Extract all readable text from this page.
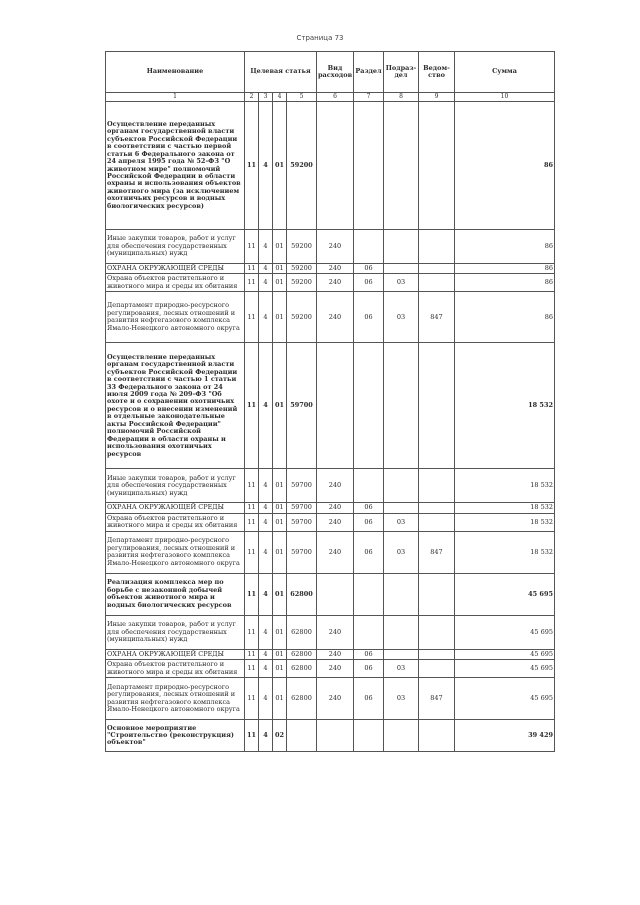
Страница 73
Наименование	Целевая статья				Вид расходов	Раздел	Подраз-дел	Ведом-ство	Сумма
1	2	3	4	5	6	7	8	9	10
Осуществление переданных органам государственной власти субъектов Российской Федерации в соответствии с частью первой статьи 6 Федерального закона от 24 апреля 1995 года № 52-ФЗ "О животном мире" полномочий Российской Федерации в области охраны и использования объектов животного мира (за исключением охотничьих ресурсов и водных биологических ресурсов)	11	4	01	59200					86
Иные закупки товаров, работ и услуг для обеспечения государственных (муниципальных) нужд	11	4	01	59200	240				86
ОХРАНА ОКРУЖАЮЩЕЙ СРЕДЫ	11	4	01	59200	240	06			86
Охрана объектов растительного и животного мира и среды их обитания	11	4	01	59200	240	06	03		86
Департамент природно-ресурсного регулирования, лесных отношений и развития нефтегазового комплекса Ямало-Ненецкого автономного округа	11	4	01	59200	240	06	03	847	86
Осуществление переданных органам государственной власти субъектов Российской Федерации в соответствии с частью 1 статьи 33 Федерального закона от 24 июля 2009 года № 209-ФЗ "Об охоте и о сохранении охотничьих ресурсов и о внесении изменений в отдельные законодательные акты Российской Федерации" полномочий Российской Федерации в области охраны и использования охотничьих ресурсов	11	4	01	59700					18 532
Иные закупки товаров, работ и услуг для обеспечения государственных (муниципальных) нужд	11	4	01	59700	240				18 532
ОХРАНА ОКРУЖАЮЩЕЙ СРЕДЫ	11	4	01	59700	240	06			18 532
Охрана объектов растительного и животного мира и среды их обитания	11	4	01	59700	240	06	03		18 532
Департамент природно-ресурсного регулирования, лесных отношений и развития нефтегазового комплекса Ямало-Ненецкого автономного округа	11	4	01	59700	240	06	03	847	18 532
Реализация комплекса мер по борьбе с незаконной добычей объектов животного мира и водных биологических ресурсов	11	4	01	62800					45 695
Иные закупки товаров, работ и услуг для обеспечения государственных (муниципальных) нужд	11	4	01	62800	240				45 695
ОХРАНА ОКРУЖАЮЩЕЙ СРЕДЫ	11	4	01	62800	240	06			45 695
Охрана объектов растительного и животного мира и среды их обитания	11	4	01	62800	240	06	03		45 695
Департамент природно-ресурсного регулирования, лесных отношений и развития нефтегазового комплекса Ямало-Ненецкого автономного округа	11	4	01	62800	240	06	03	847	45 695
Основное мероприятие "Строительство (реконструкция) объектов"	11	4	02						39 429
